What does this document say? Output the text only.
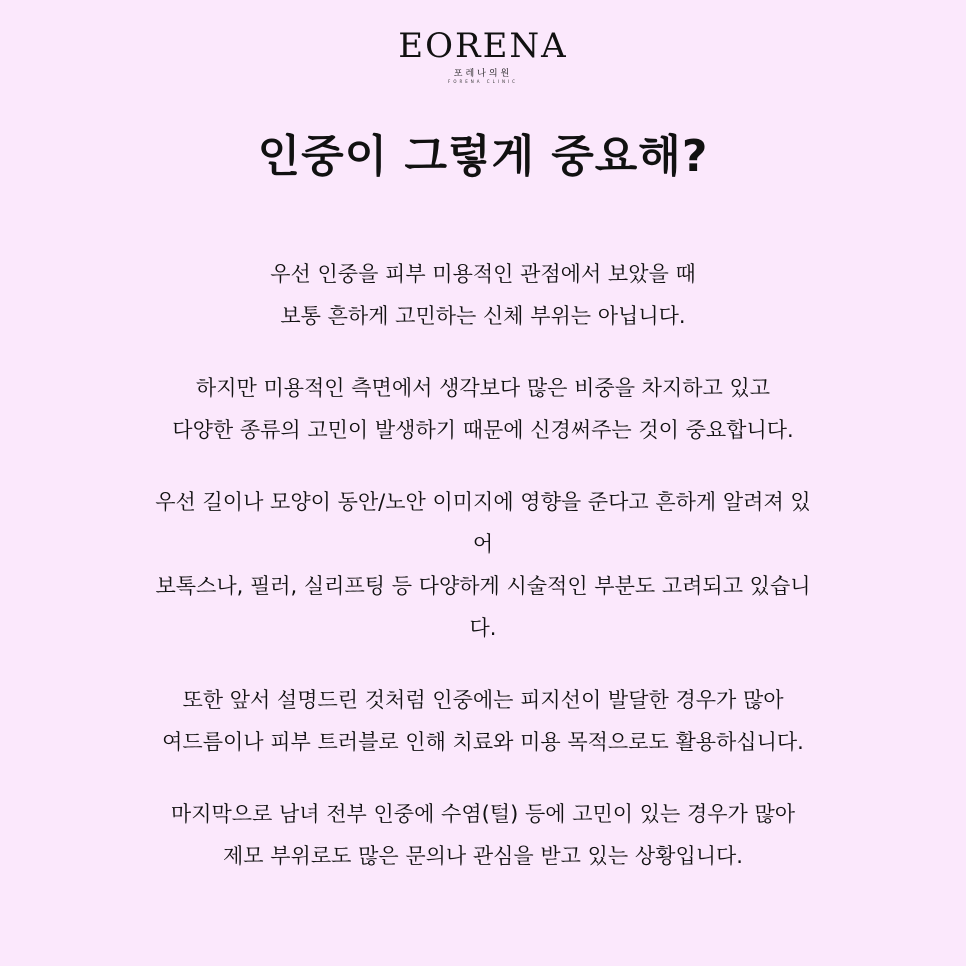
EORENA
포레나의원
FORENA CLINIC
인중이 그렇게 중요해?
우선 인중을 피부 미용적인 관점에서 보았을 때
보통 흔하게 고민하는 신체 부위는 아닙니다.
하지만 미용적인 측면에서 생각보다 많은 비중을 차지하고 있고
다양한 종류의 고민이 발생하기 때문에 신경써주는 것이 중요합니다.
우선 길이나 모양이 동안/노안 이미지에 영향을 준다고 흔하게 알려져 있
어
보톡스나, 필러, 실리프팅 등 다양하게 시술적인 부분도 고려되고 있습니
다.
또한 앞서 설명드린 것처럼 인중에는 피지선이 발달한 경우가 많아
여드름이나 피부 트러블로 인해 치료와 미용 목적으로도 활용하십니다.
마지막으로 남녀 전부 인중에 수염(털) 등에 고민이 있는 경우가 많아
제모 부위로도 많은 문의나 관심을 받고 있는 상황입니다.
